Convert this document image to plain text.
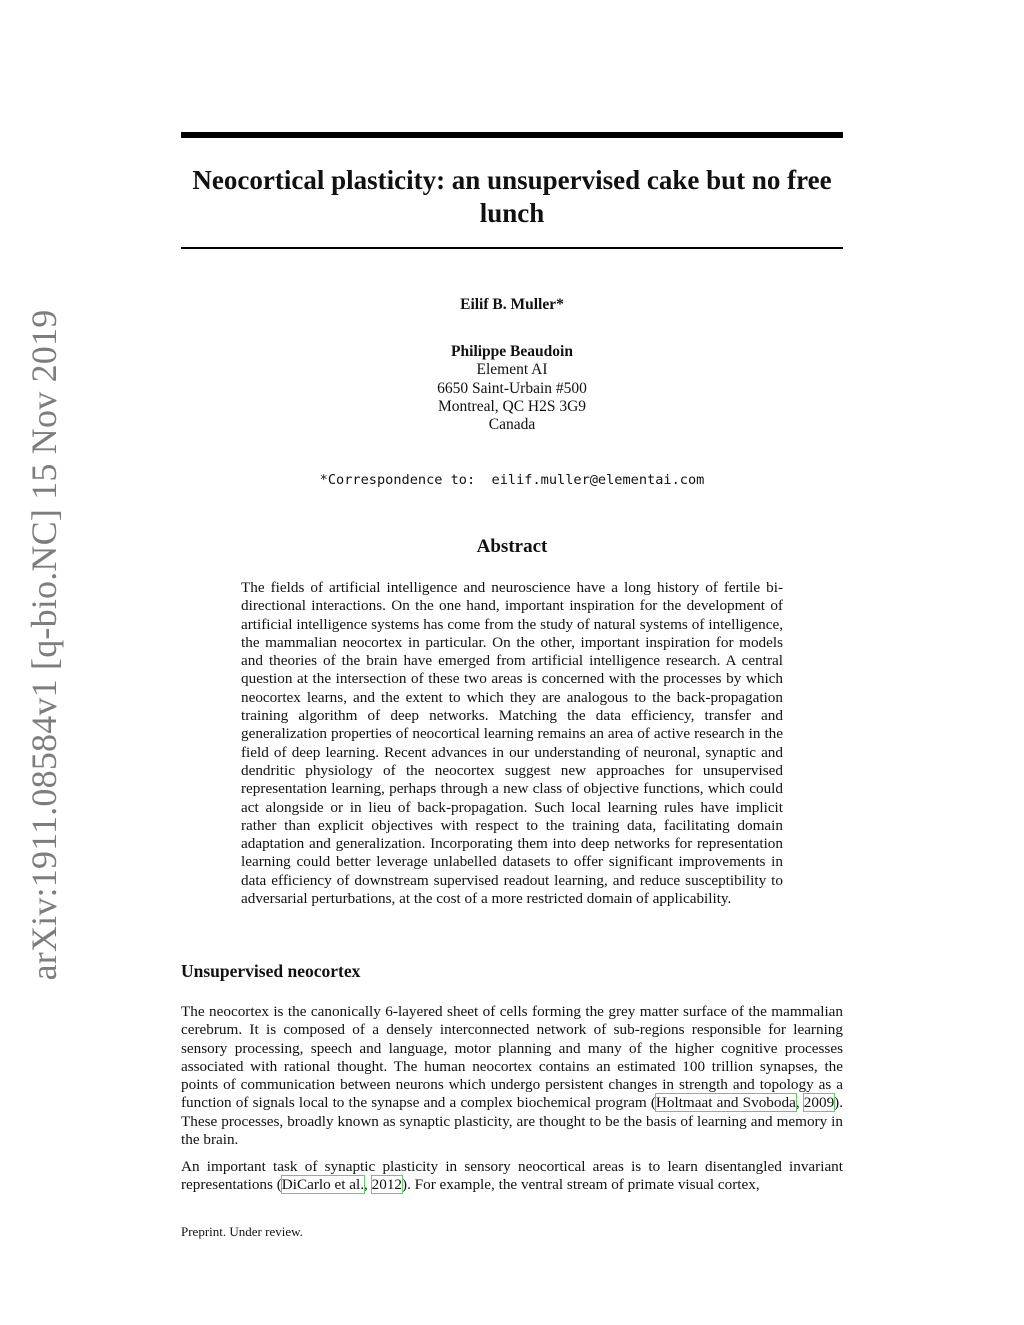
arXiv:1911.08584v1 [q-bio.NC] 15 Nov 2019
Neocortical plasticity: an unsupervised cake but no free lunch
Eilif B. Muller*
Philippe Beaudoin
Element AI
6650 Saint-Urbain #500
Montreal, QC H2S 3G9
Canada
*Correspondence to:  eilif.muller@elementai.com
Abstract

The fields of artificial intelligence and neuroscience have a long history of fertile bi-directional interactions. On the one hand, important inspiration for the development of artificial intelligence systems has come from the study of natural systems of intelligence, the mammalian neocortex in particular. On the other, important inspiration for models and theories of the brain have emerged from artificial intelligence research. A central question at the intersection of these two areas is concerned with the processes by which neocortex learns, and the extent to which they are analogous to the back-propagation training algorithm of deep networks. Matching the data efficiency, transfer and generalization properties of neocortical learning remains an area of active research in the field of deep learning. Recent advances in our understanding of neuronal, synaptic and dendritic physiology of the neocortex suggest new approaches for unsupervised representation learning, perhaps through a new class of objective functions, which could act alongside or in lieu of back-propagation. Such local learning rules have implicit rather than explicit objectives with respect to the training data, facilitating domain adaptation and generalization. Incorporating them into deep networks for representation learning could better leverage unlabelled datasets to offer significant improvements in data efficiency of downstream supervised readout learning, and reduce susceptibility to adversarial perturbations, at the cost of a more restricted domain of applicability.

Unsupervised neocortex

The neocortex is the canonically 6-layered sheet of cells forming the grey matter surface of the mammalian cerebrum. It is composed of a densely interconnected network of sub-regions responsible for learning sensory processing, speech and language, motor planning and many of the higher cognitive processes associated with rational thought. The human neocortex contains an estimated 100 trillion synapses, the points of communication between neurons which undergo persistent changes in strength and topology as a function of signals local to the synapse and a complex biochemical program (Holtmaat and Svoboda, 2009). These processes, broadly known as synaptic plasticity, are thought to be the basis of learning and memory in the brain.

An important task of synaptic plasticity in sensory neocortical areas is to learn disentangled invariant representations (DiCarlo et al., 2012). For example, the ventral stream of primate visual cortex,

Preprint. Under review.
